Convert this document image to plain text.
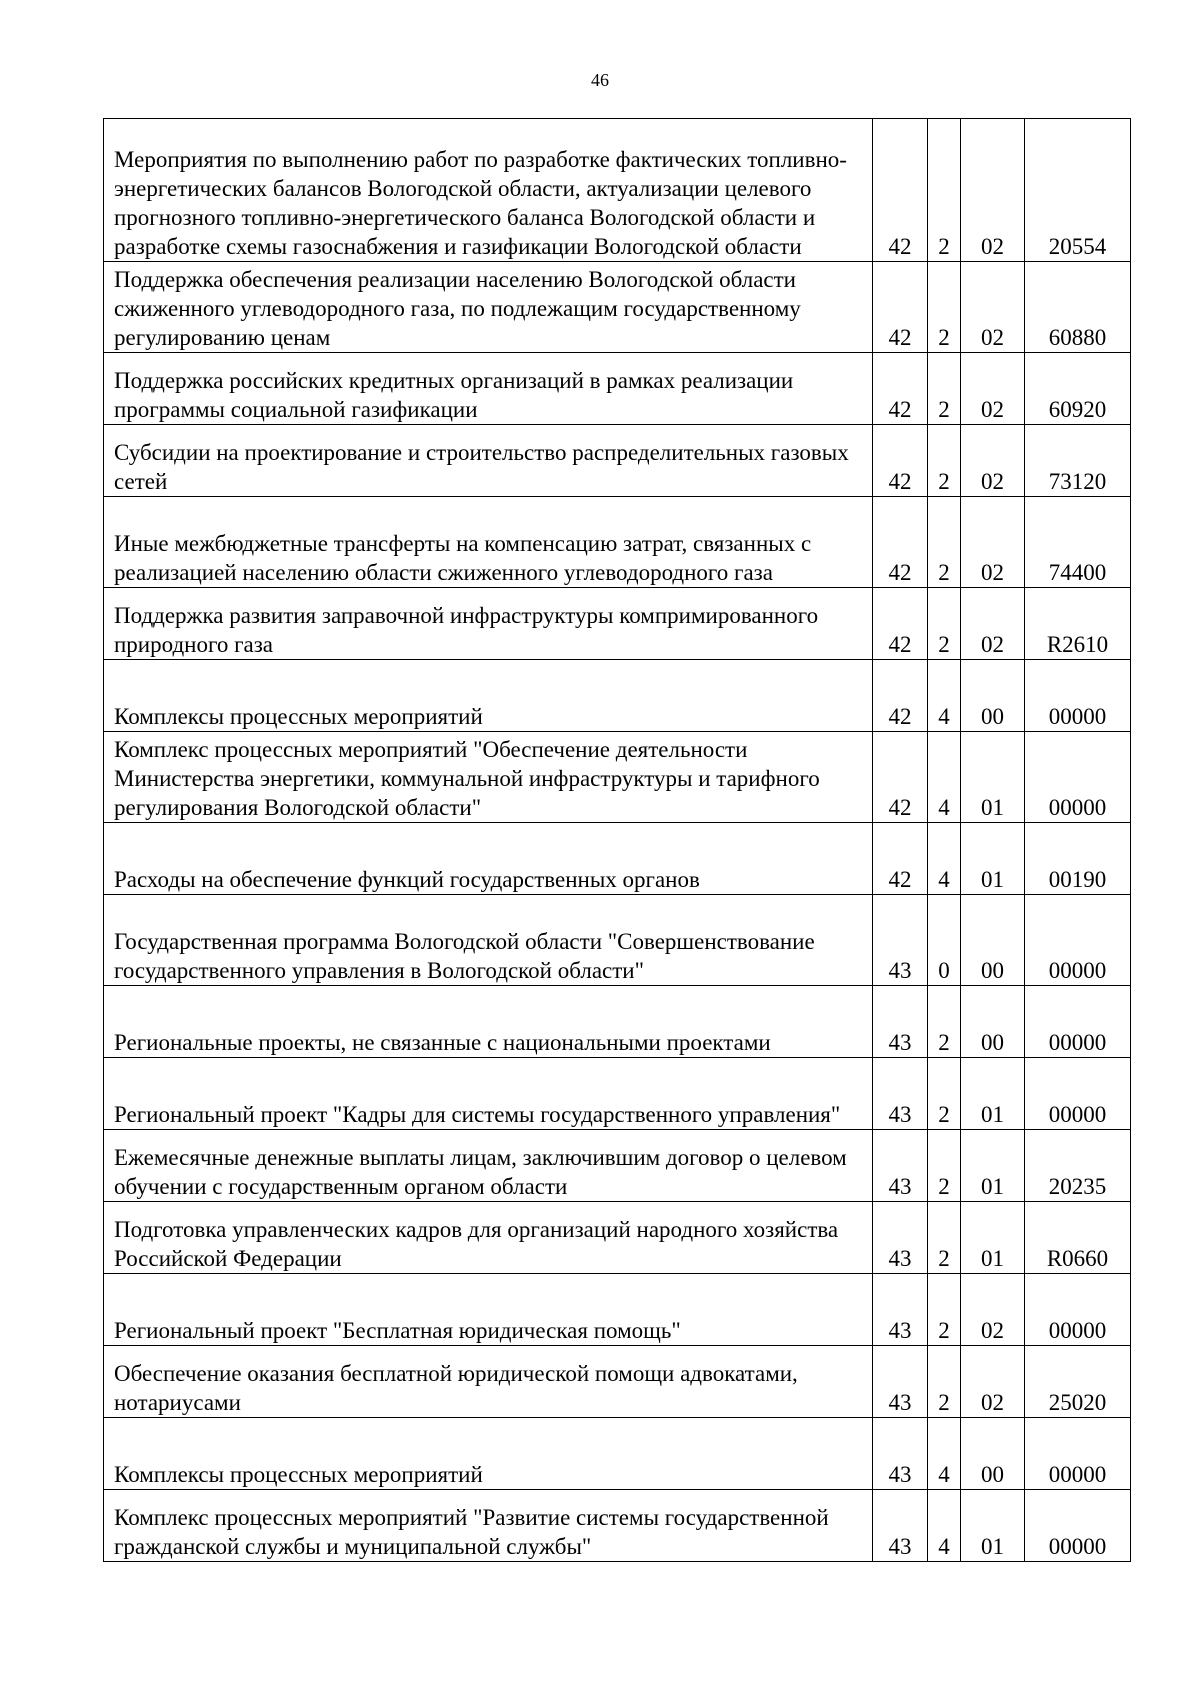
46
Мероприятия по выполнению работ по разработке фактических топливно-энергетических балансов Вологодской области, актуализации целевого прогнозного топливно-энергетического баланса Вологодской области и разработке схемы газоснабжения и газификации Вологодской области	42	2	02	20554

Поддержка обеспечения реализации населению Вологодской области сжиженного углеводородного газа, по подлежащим государственному регулированию ценам	42	2	02	60880

Поддержка российских кредитных организаций в рамках реализации программы социальной газификации	42	2	02	60920

Субсидии на проектирование и строительство распределительных газовых сетей	42	2	02	73120

Иные межбюджетные трансферты на компенсацию затрат, связанных с реализацией населению области сжиженного углеводородного газа	42	2	02	74400

Поддержка развития заправочной инфраструктуры компримированного природного газа	42	2	02	R2610

Комплексы процессных мероприятий	42	4	00	00000

Комплекс процессных мероприятий "Обеспечение деятельности Министерства энергетики, коммунальной инфраструктуры и тарифного регулирования Вологодской области"	42	4	01	00000

Расходы на обеспечение функций государственных органов	42	4	01	00190

Государственная программа Вологодской области "Совершенствование государственного управления в Вологодской области"	43	0	00	00000

Региональные проекты, не связанные с национальными проектами	43	2	00	00000

Региональный проект "Кадры для системы государственного управления"	43	2	01	00000

Ежемесячные денежные выплаты лицам, заключившим договор о целевом обучении с государственным органом области	43	2	01	20235

Подготовка управленческих кадров для организаций народного хозяйства Российской Федерации	43	2	01	R0660

Региональный проект "Бесплатная юридическая помощь"	43	2	02	00000

Обеспечение оказания бесплатной юридической помощи адвокатами, нотариусами	43	2	02	25020

Комплексы процессных мероприятий	43	4	00	00000

Комплекс процессных мероприятий "Развитие системы государственной гражданской службы и муниципальной службы"	43	4	01	00000
